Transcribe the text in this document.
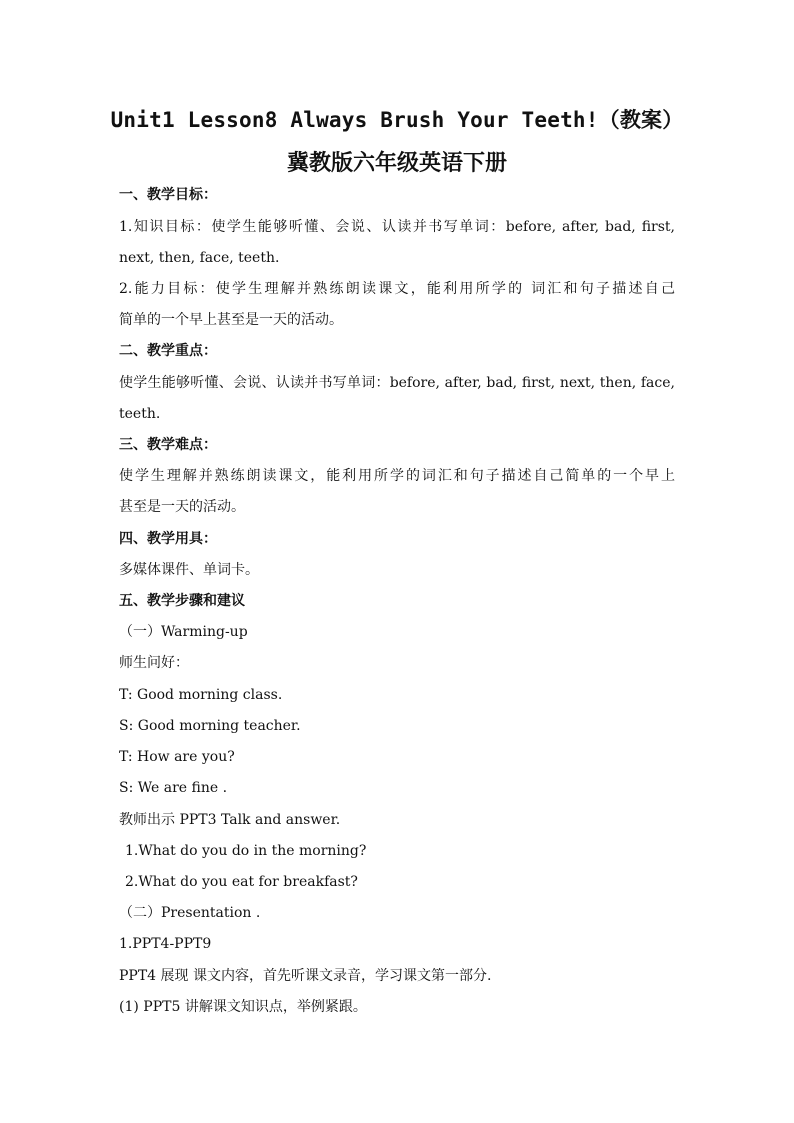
Unit1 Lesson8 Always Brush Your Teeth!（教案）
冀教版六年级英语下册
一、教学目标：
1.知识目标：使学生能够听懂、会说、认读并书写单词：before, after, bad, first,
next, then, face, teeth.
2.能力目标：使学生理解并熟练朗读课文，能利用所学的 词汇和句子描述自己
简单的一个早上甚至是一天的活动。
二、教学重点：
使学生能够听懂、会说、认读并书写单词：before, after, bad, first, next, then, face,
teeth.
三、教学难点：
使学生理解并熟练朗读课文，能利用所学的词汇和句子描述自己简单的一个早上
甚至是一天的活动。
四、教学用具：
多媒体课件、单词卡。
五、教学步骤和建议
（一）Warming-up
师生问好：
T: Good morning class.
S: Good morning teacher.
T: How are you?
S: We are fine .
教师出示 PPT3 Talk and answer.
1.What do you do in the morning?
2.What do you eat for breakfast?
（二）Presentation .
1.PPT4-PPT9
PPT4 展现 课文内容，首先听课文录音，学习课文第一部分.
(1) PPT5 讲解课文知识点，举例紧跟。
